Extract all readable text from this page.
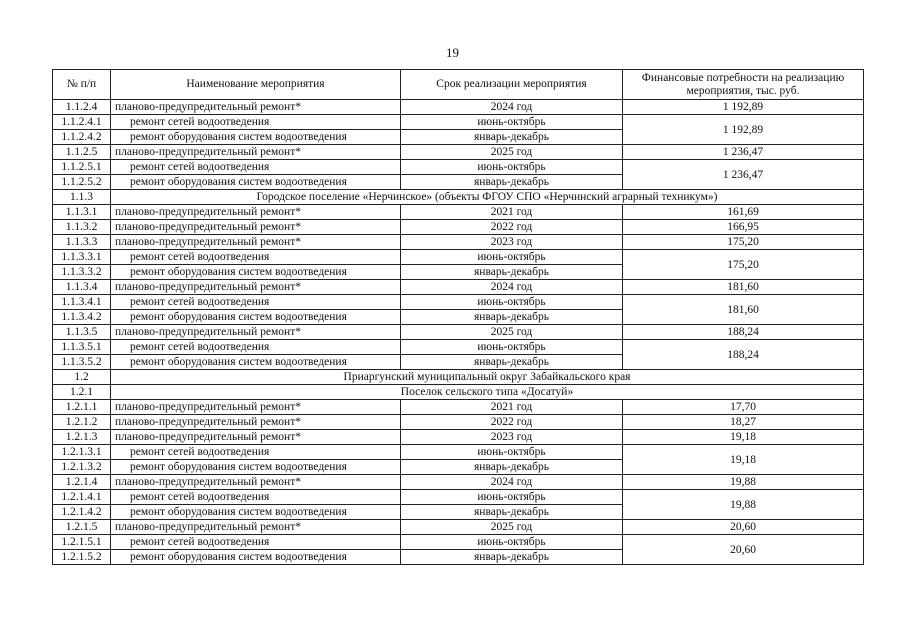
19
№ п/п	Наименование мероприятия	Срок реализации мероприятия	Финансовые потребности на реализацию мероприятия, тыс. руб.
1.1.2.4	планово-предупредительный ремонт*	2024 год	1 192,89
1.1.2.4.1	ремонт сетей водоотведения	июнь-октябрь	1 192,89
1.1.2.4.2	ремонт оборудования систем водоотведения	январь-декабрь	
1.1.2.5	планово-предупредительный ремонт*	2025 год	1 236,47
1.1.2.5.1	ремонт сетей водоотведения	июнь-октябрь	1 236,47
1.1.2.5.2	ремонт оборудования систем водоотведения	январь-декабрь	
1.1.3	Городское поселение «Нерчинское» (объекты ФГОУ СПО «Нерчинский аграрный техникум»)		
1.1.3.1	планово-предупредительный ремонт*	2021 год	161,69
1.1.3.2	планово-предупредительный ремонт*	2022 год	166,95
1.1.3.3	планово-предупредительный ремонт*	2023 год	175,20
1.1.3.3.1	ремонт сетей водоотведения	июнь-октябрь	175,20
1.1.3.3.2	ремонт оборудования систем водоотведения	январь-декабрь	
1.1.3.4	планово-предупредительный ремонт*	2024 год	181,60
1.1.3.4.1	ремонт сетей водоотведения	июнь-октябрь	181,60
1.1.3.4.2	ремонт оборудования систем водоотведения	январь-декабрь	
1.1.3.5	планово-предупредительный ремонт*	2025 год	188,24
1.1.3.5.1	ремонт сетей водоотведения	июнь-октябрь	188,24
1.1.3.5.2	ремонт оборудования систем водоотведения	январь-декабрь	
1.2	Приаргунский муниципальный округ Забайкальского края		
1.2.1	Поселок сельского типа «Досатуй»		
1.2.1.1	планово-предупредительный ремонт*	2021 год	17,70
1.2.1.2	планово-предупредительный ремонт*	2022 год	18,27
1.2.1.3	планово-предупредительный ремонт*	2023 год	19,18
1.2.1.3.1	ремонт сетей водоотведения	июнь-октябрь	19,18
1.2.1.3.2	ремонт оборудования систем водоотведения	январь-декабрь	
1.2.1.4	планово-предупредительный ремонт*	2024 год	19,88
1.2.1.4.1	ремонт сетей водоотведения	июнь-октябрь	19,88
1.2.1.4.2	ремонт оборудования систем водоотведения	январь-декабрь	
1.2.1.5	планово-предупредительный ремонт*	2025 год	20,60
1.2.1.5.1	ремонт сетей водоотведения	июнь-октябрь	20,60
1.2.1.5.2	ремонт оборудования систем водоотведения	январь-декабрь	
